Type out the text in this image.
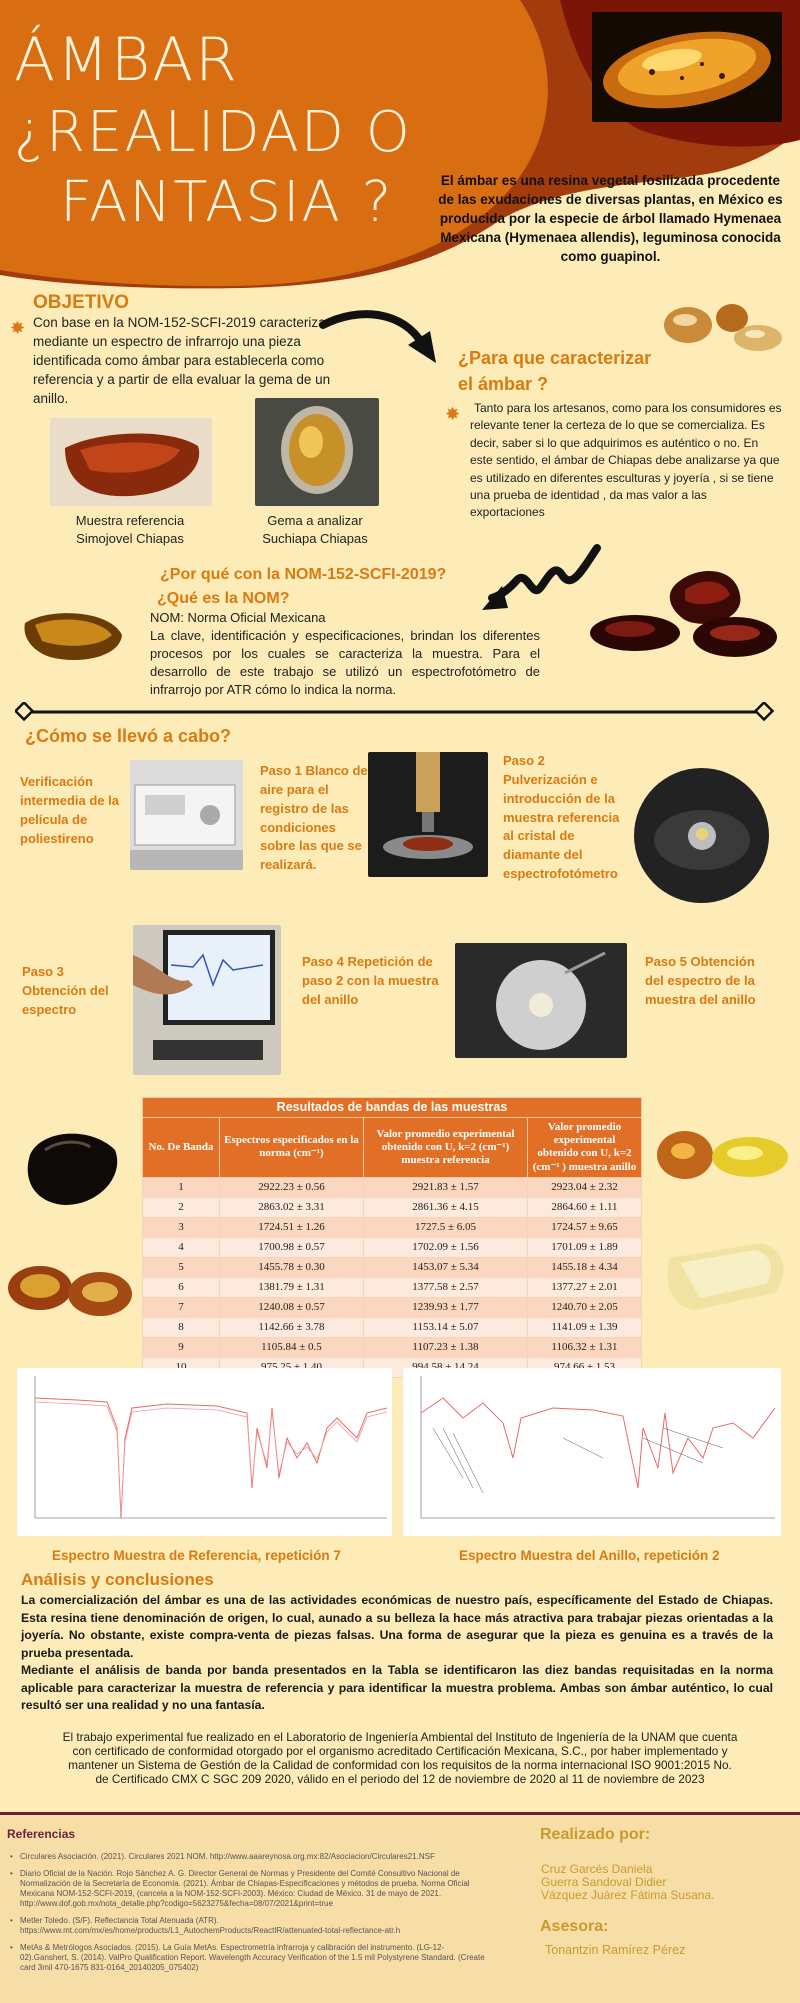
ÁMBAR
¿REALIDAD O
FANTASIA ?	El ámbar es una resina vegetal fosilizada procedente de las exudaciones de diversas plantas, en México es producida por la especie de árbol llamado Hymenaea Mexicana (Hymenaea allendis), leguminosa conocida como guapinol.
OBJETIVO
✸ Con base en la NOM-152-SCFI-2019 caracterizar mediante un espectro de infrarrojo una pieza identificada como ámbar para establecerla como referencia y a partir de ella evaluar la gema de un anillo.
Muestra referencia
Simojovel Chiapas
Gema a analizar
Suchiapa Chiapas
¿Para que caracterizar
el ámbar ?
✸	Tanto para los artesanos, como para los consumidores es relevante tener la certeza de lo que se comercializa. Es decir, saber si lo que adquirimos es auténtico o no. En este sentido, el ámbar de Chiapas debe analizarse ya que es utilizado en diferentes esculturas y joyería , si se tiene una prueba de identidad , da mas valor a las exportaciones
¿Por qué con la NOM-152-SCFI-2019?
¿Qué es la NOM?
NOM: Norma Oficial Mexicana
La clave, identificación y especificaciones, brindan los diferentes procesos por los cuales se caracteriza la muestra. Para el desarrollo de este trabajo se utilizó un espectrofotómetro de infrarrojo por ATR cómo lo indica la norma.
¿Cómo se llevó a cabo?
Verificación intermedia de la película de poliestireno
Paso 1 Blanco de aire para el registro de las condiciones sobre las que se realizará.
Paso 2 Pulverización e introducción de la muestra referencia al cristal de diamante del espectrofotómetro
Paso 3 Obtención del espectro
Paso 4 Repetición de paso 2 con la muestra del anillo
Paso 5 Obtención del espectro de la muestra del anillo
Resultados de bandas de las muestras			
No. De Banda	Espectros especificados en la norma (cm⁻¹)	Valor promedio experimental obtenido con U, k=2 (cm⁻¹) muestra referencia	Valor promedio experimental obtenido con U, k=2 (cm⁻¹ ) muestra anillo
1	2922.23 ± 0.56	2921.83 ± 1.57	2923.04 ± 2.32
2	2863.02 ± 3.31	2861.36 ± 4.15	2864.60 ± 1.11
3	1724.51 ± 1.26	1727.5 ± 6.05	1724.57 ± 9.65
4	1700.98 ± 0.57	1702.09 ± 1.56	1701.09 ± 1.89
5	1455.78 ± 0.30	1453.07 ± 5.34	1455.18 ± 4.34
6	1381.79 ± 1.31	1377.58 ± 2.57	1377.27 ± 2.01
7	1240.08 ± 0.57	1239.93 ± 1.77	1240.70 ± 2.05
8	1142.66 ± 3.78	1153.14 ± 5.07	1141.09 ± 1.39
9	1105.84 ± 0.5	1107.23 ± 1.38	1106.32 ± 1.31

Espectro Muestra de Referencia, repetición 7	Espectro Muestra del Anillo, repetición 2
Análisis y conclusiones
La comercialización del ámbar es una de las actividades económicas de nuestro país, específicamente del Estado de Chiapas. Esta resina tiene denominación de origen, lo cual, aunado a su belleza la hace más atractiva para trabajar piezas orientadas a la joyería. No obstante, existe compra-venta de piezas falsas. Una forma de asegurar que la pieza es genuina es a través de la prueba presentada.
Mediante el análisis de banda por banda presentados en la Tabla se identificaron las diez bandas requisitadas en la norma aplicable para caracterizar la muestra de referencia y para identificar la muestra problema. Ambas son ámbar auténtico, lo cual resultó ser una realidad y no una fantasía.
El trabajo experimental fue realizado en el Laboratorio de Ingeniería Ambiental del Instituto de Ingeniería de la UNAM que cuenta con certificado de conformidad otorgado por el organismo acreditado Certificación Mexicana, S.C., por haber implementado y mantener un Sistema de Gestión de la Calidad de conformidad con los requisitos de la norma internacional ISO 9001:2015 No. de Certificado CMX C SGC 209 2020, válido en el periodo del 12 de noviembre de 2020 al 11 de noviembre de 2023
Referencias
• Circulares Asociación. (2021). Circulares 2021 NOM. http://www.aaareynosa.org.mx:82/Asociacion/Circulares21.NSF
• Diario Oficial de la Nación. Rojo Sánchez A. G. Director General de Normas y Presidente del Comité Consultivo Nacional de Normalización de la Secretaría de Economía. (2021). Ámbar de Chiapas-Especificaciones y métodos de prueba. Norma Oficial Mexicana NOM-152-SCFI-2019, (cancela a la NOM-152-SCFI-2003). México: Ciudad de México. 31 de mayo de 2021. http://www.dof.gob.mx/nota_detalle.php?codigo=5623275&fecha=08/07/2021&print=true
• Metler Toledo. (S/F). Reflectancia Total Atenuada (ATR). https://www.mt.com/mx/es/home/products/L1_AutochemProducts/ReactIR/attenuated-total-reflectance-atr.h
• MetAs & Metrólogos Asociados. (2015). La Guía MetAs. Espectrometría infrarroja y calibración del instrumento. (LG-12-02).Ganshert, S. (2014). ValPro Qualification Report. Wavelength Accuracy Verification of the 1.5 mil Polystyrene Standard. (Create card 3mil 470-1675 831-0164_20140205_075402)
Realizado por:
Cruz Garcés Daniela
Guerra Sandoval Didier
Vázquez Juárez Fátima Susana.
Asesora:
Tonantzin Ramírez Pérez
